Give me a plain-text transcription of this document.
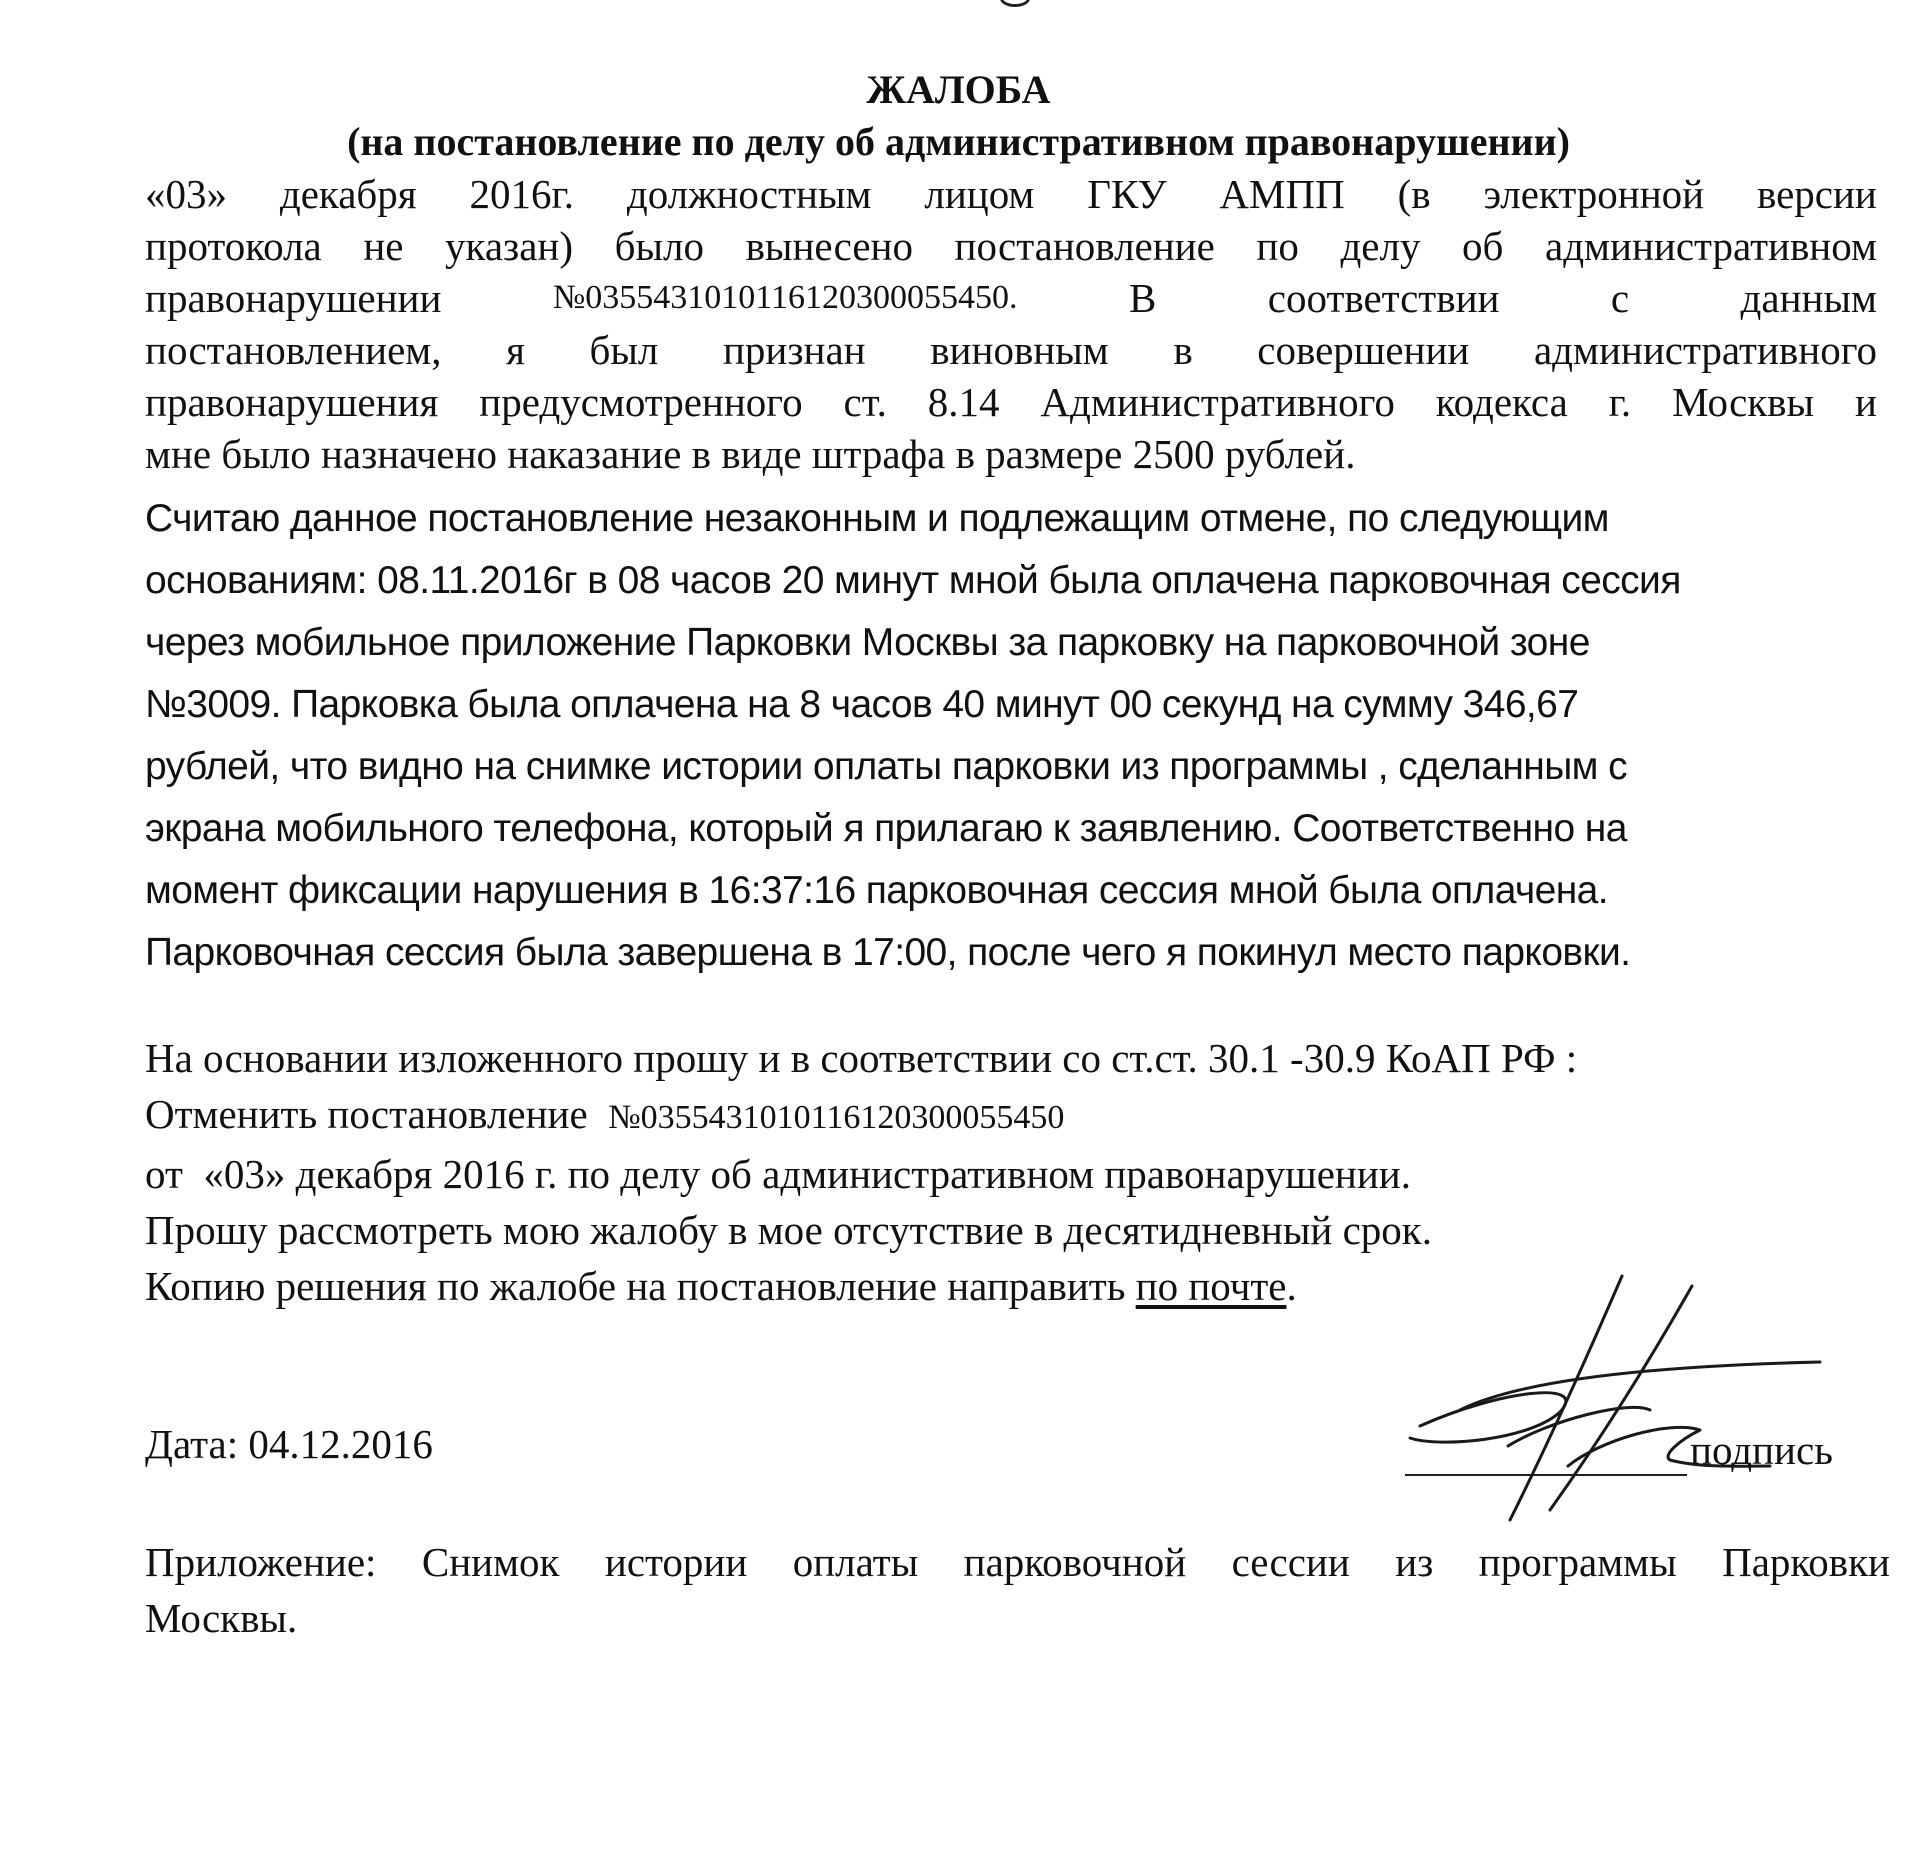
ЖАЛОБА
(на постановление по делу об административном правонарушении)
«03» декабря 2016г. должностным лицом ГКУ АМПП (в электронной версии
протокола не указан) было вынесено постановление по делу об административном
правонарушении	№0355431010116120300055450.	В	соответствии	с	данным
постановлением, я был признан виновным в совершении административного
правонарушения предусмотренного ст. 8.14 Административного кодекса г. Москвы и
мне было назначено наказание в виде штрафа в размере 2500 рублей.
Считаю данное постановление незаконным и подлежащим отмене, по следующим
основаниям: 08.11.2016г в 08 часов 20 минут мной была оплачена парковочная сессия
через мобильное приложение Парковки Москвы за парковку на парковочной зоне
№3009. Парковка была оплачена на 8 часов 40 минут 00 секунд на сумму 346,67
рублей, что видно на снимке истории оплаты парковки из программы , сделанным с
экрана мобильного телефона, который я прилагаю к заявлению. Соответственно на
момент фиксации нарушения в 16:37:16 парковочная сессия мной была оплачена.
Парковочная сессия была завершена в 17:00, после чего я покинул место парковки.
На основании изложенного прошу и в соответствии со ст.ст. 30.1 -30.9 КоАП РФ :
Отменить постановление  №0355431010116120300055450
от  «03» декабря 2016 г. по делу об административном правонарушении.
Прошу рассмотреть мою жалобу в мое отсутствие в десятидневный срок.
Копию решения по жалобе на постановление направить по почте.
Дата: 04.12.2016	подпись
Приложение: Снимок истории оплаты парковочной сессии из программы Парковки
Москвы.
